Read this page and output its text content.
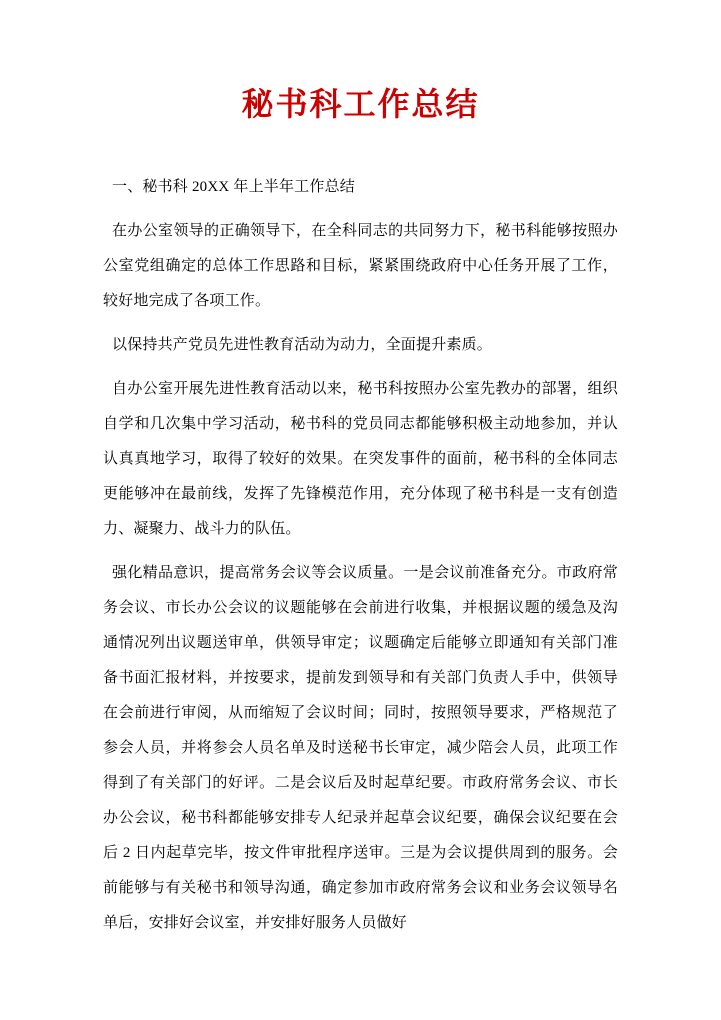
秘书科工作总结

一、秘书科 20XX 年上半年工作总结

在办公室领导的正确领导下，在全科同志的共同努力下，秘书科能够按照办公室党组确定的总体工作思路和目标，紧紧围绕政府中心任务开展了工作，较好地完成了各项工作。

以保持共产党员先进性教育活动为动力，全面提升素质。

自办公室开展先进性教育活动以来，秘书科按照办公室先教办的部署，组织自学和几次集中学习活动，秘书科的党员同志都能够积极主动地参加，并认认真真地学习，取得了较好的效果。在突发事件的面前，秘书科的全体同志更能够冲在最前线，发挥了先锋模范作用，充分体现了秘书科是一支有创造力、凝聚力、战斗力的队伍。

强化精品意识，提高常务会议等会议质量。一是会议前准备充分。市政府常务会议、市长办公会议的议题能够在会前进行收集，并根据议题的缓急及沟通情况列出议题送审单，供领导审定；议题确定后能够立即通知有关部门准备书面汇报材料，并按要求，提前发到领导和有关部门负责人手中，供领导在会前进行审阅，从而缩短了会议时间；同时，按照领导要求，严格规范了参会人员，并将参会人员名单及时送秘书长审定，减少陪会人员，此项工作得到了有关部门的好评。二是会议后及时起草纪要。市政府常务会议、市长办公会议，秘书科都能够安排专人纪录并起草会议纪要，确保会议纪要在会后 2 日内起草完毕，按文件审批程序送审。三是为会议提供周到的服务。会前能够与有关秘书和领导沟通，确定参加市政府常务会议和业务会议领导名单后，安排好会议室，并安排好服务人员做好
